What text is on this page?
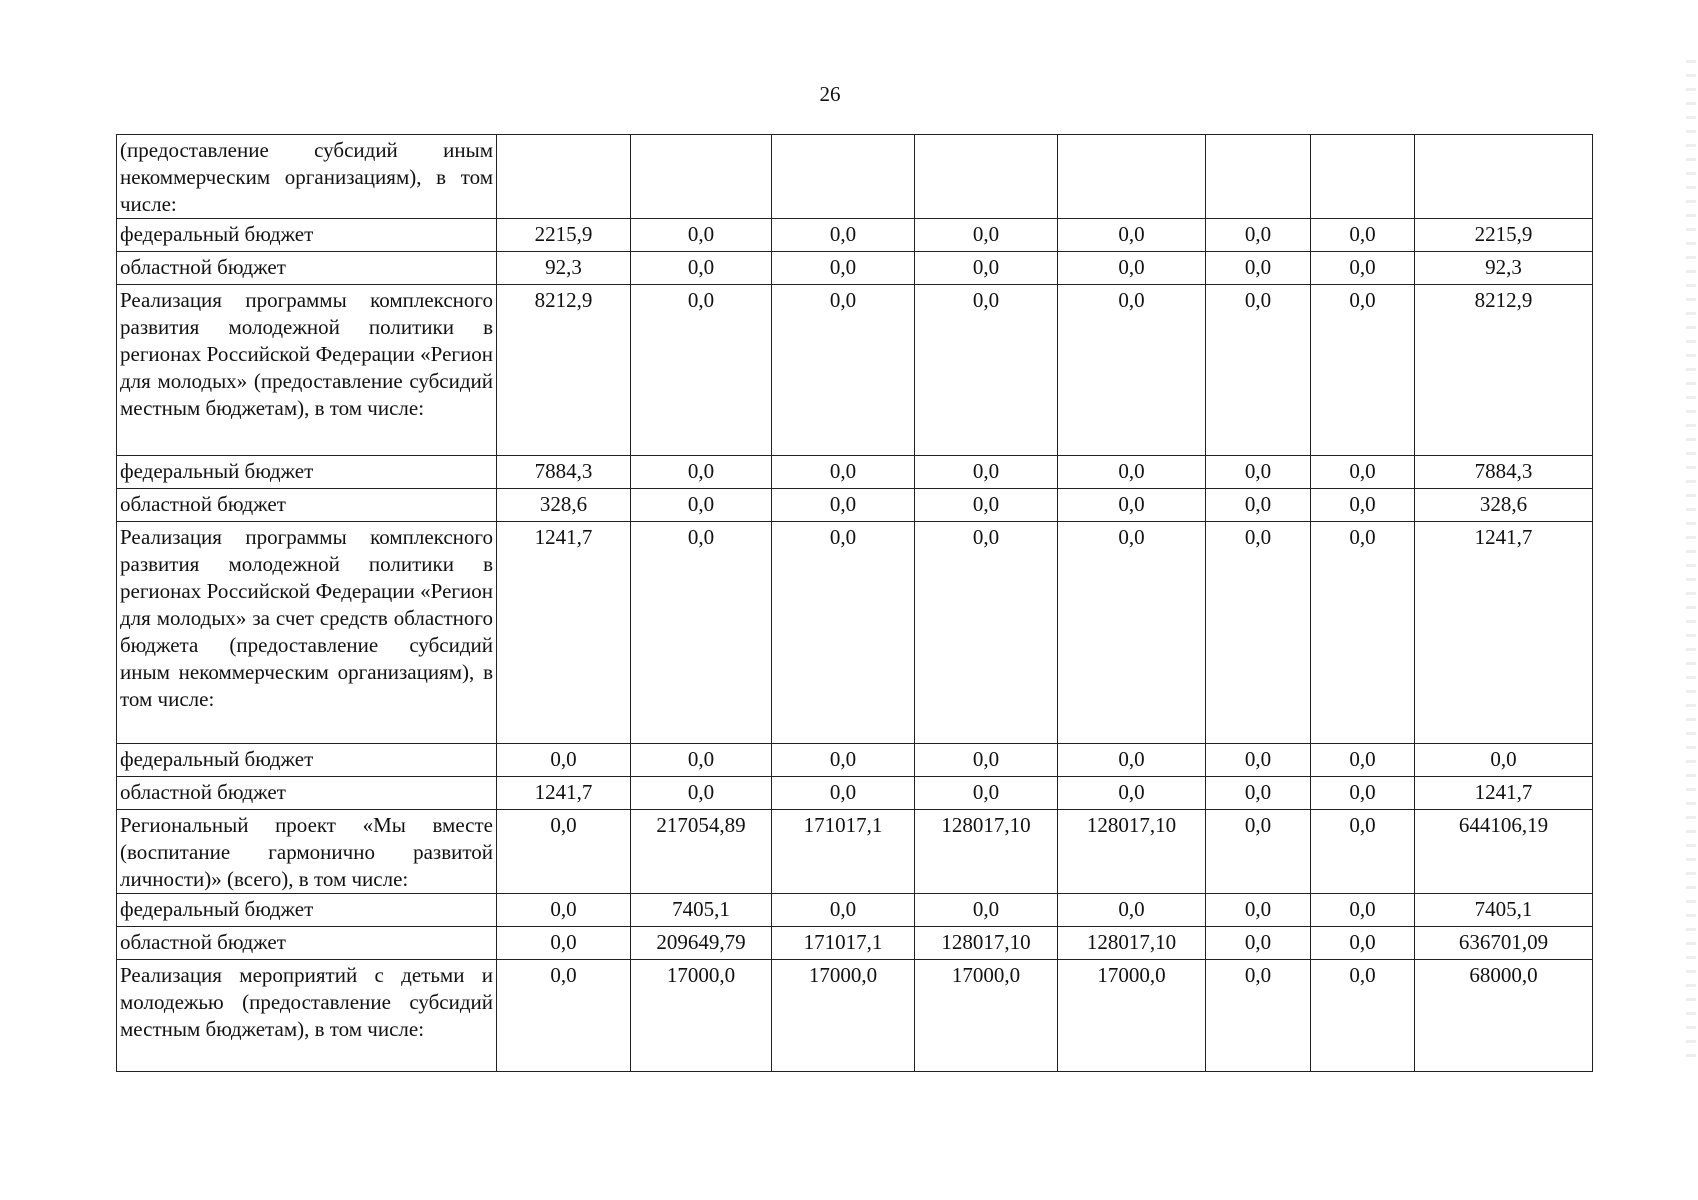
26
(предоставление субсидий иным некоммерческим организациям), в том числе:								
федеральный бюджет	2215,9	0,0	0,0	0,0	0,0	0,0	0,0	2215,9
областной бюджет	92,3	0,0	0,0	0,0	0,0	0,0	0,0	92,3
Реализация программы комплексного развития молодежной политики в регионах Российской Федерации «Регион для молодых» (предоставление субсидий местным бюджетам), в том числе:	8212,9	0,0	0,0	0,0	0,0	0,0	0,0	8212,9
федеральный бюджет	7884,3	0,0	0,0	0,0	0,0	0,0	0,0	7884,3
областной бюджет	328,6	0,0	0,0	0,0	0,0	0,0	0,0	328,6
Реализация программы комплексного развития молодежной политики в регионах Российской Федерации «Регион для молодых» за счет средств областного бюджета (предоставление субсидий иным некоммерческим организациям), в том числе:	1241,7	0,0	0,0	0,0	0,0	0,0	0,0	1241,7
федеральный бюджет	0,0	0,0	0,0	0,0	0,0	0,0	0,0	0,0
областной бюджет	1241,7	0,0	0,0	0,0	0,0	0,0	0,0	1241,7
Региональный проект «Мы вместе (воспитание гармонично развитой личности)» (всего), в том числе:	0,0	217054,89	171017,1	128017,10	128017,10	0,0	0,0	644106,19
федеральный бюджет	0,0	7405,1	0,0	0,0	0,0	0,0	0,0	7405,1
областной бюджет	0,0	209649,79	171017,1	128017,10	128017,10	0,0	0,0	636701,09
Реализация мероприятий с детьми и молодежью (предоставление субсидий местным бюджетам), в том числе:	0,0	17000,0	17000,0	17000,0	17000,0	0,0	0,0	68000,0
